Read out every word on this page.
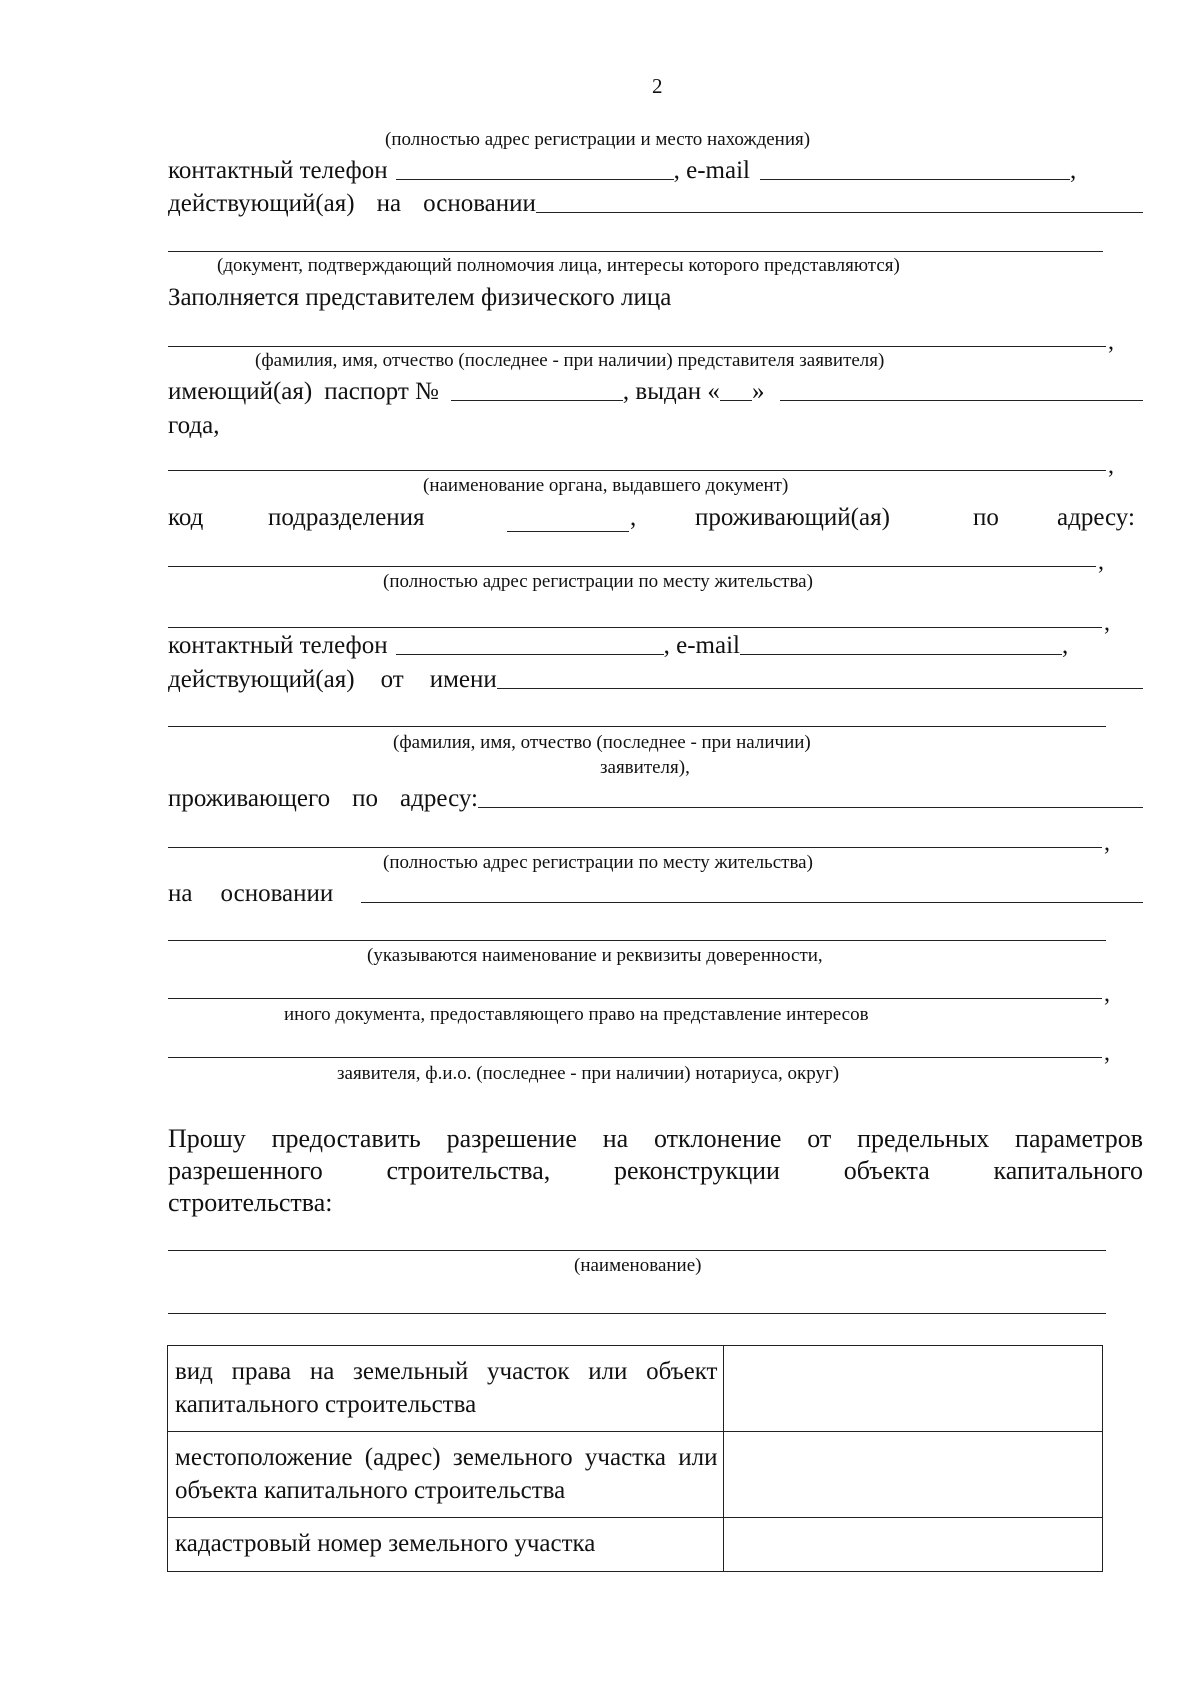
2
(полностью адрес регистрации и место нахождения)
контактный телефон	, e-mail	,
действующий(ая) на основании
(документ, подтверждающий полномочия лица, интересы которого представляются)
Заполняется представителем физического лица
,
(фамилия, имя, отчество (последнее - при наличии) представителя заявителя)
имеющий(ая) паспорт №	, выдан « »
года,
,
(наименование органа, выдавшего документ)
код	подразделения	, проживающий(ая)	по адресу:
,
(полностью адрес регистрации по месту жительства)
,
контактный телефон	, e-mail	,
действующий(ая) от имени
(фамилия, имя, отчество (последнее - при наличии)
заявителя),
проживающего по адресу:
,
(полностью адрес регистрации по месту жительства)
на основании
(указываются наименование и реквизиты доверенности,
,
иного документа, предоставляющего право на представление интересов
,
заявителя, ф.и.о. (последнее - при наличии) нотариуса, округ)
Прошу предоставить разрешение на отклонение от предельных параметров
разрешенного строительства, реконструкции объекта капитального
строительства:
(наименование)
вид права на земельный участок или объект капитального строительства	
местоположение (адрес) земельного участка или объекта капитального строительства	
кадастровый номер земельного участка	
